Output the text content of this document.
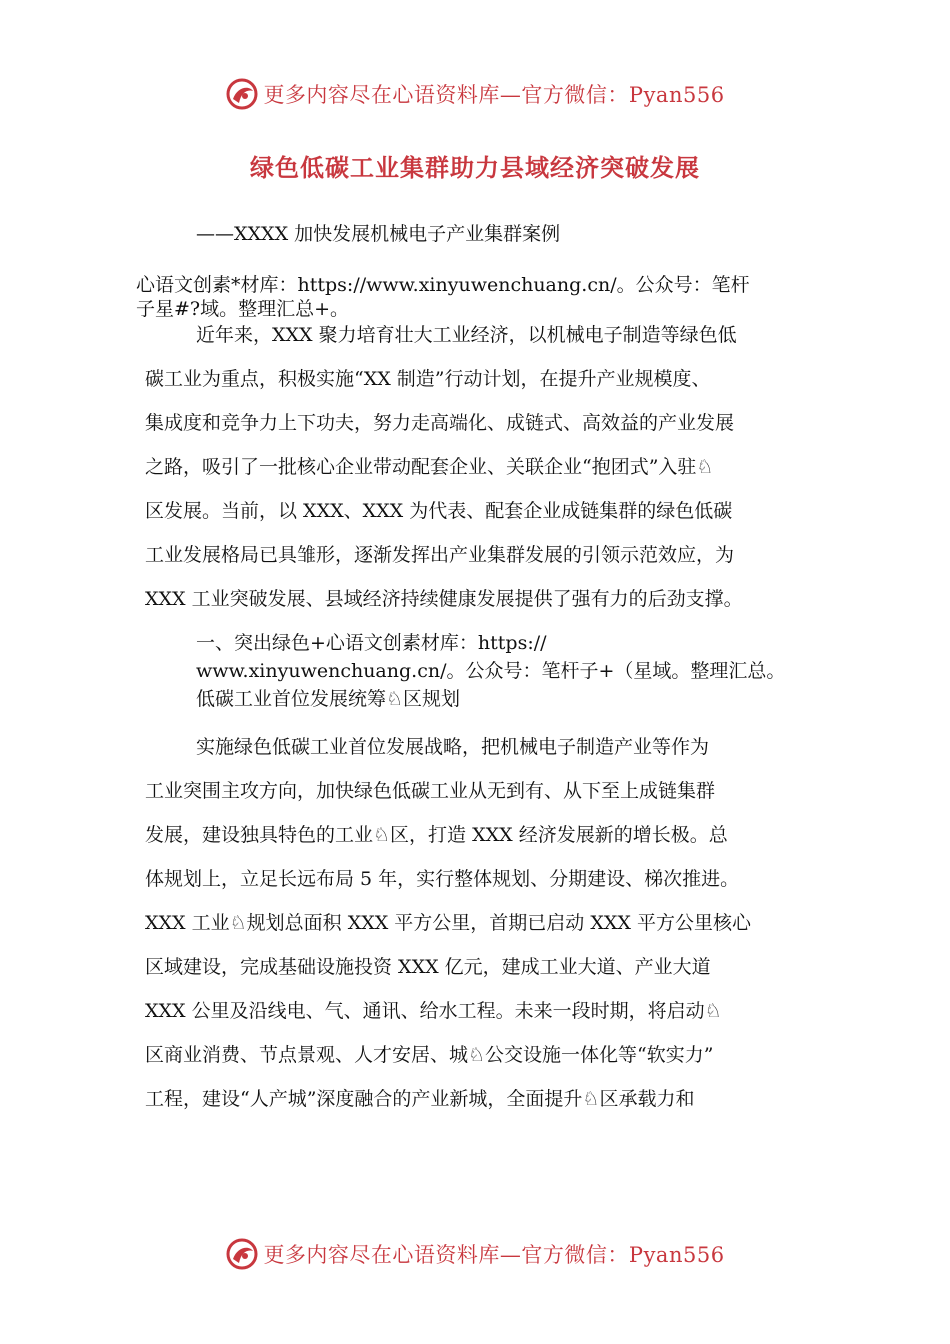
更多内容尽在心语资料库—官方微信：Pyan556
绿色低碳工业集群助力县域经济突破发展
——XXXX 加快发展机械电子产业集群案例
心语文创素*材库：https://www.xinyuwenchuang.cn/。公众号：笔杆
子星#?域。整理汇总+。
近年来，XXX 聚力培育壮大工业经济，以机械电子制造等绿色低
碳工业为重点，积极实施“XX 制造”行动计划，在提升产业规模度、
集成度和竞争力上下功夫，努力走高端化、成链式、高效益的产业发展
之路，吸引了一批核心企业带动配套企业、关联企业“抱团式”入驻♘
区发展。当前，以 XXX、XXX 为代表、配套企业成链集群的绿色低碳
工业发展格局已具雏形，逐渐发挥出产业集群发展的引领示范效应，为
XXX 工业突破发展、县域经济持续健康发展提供了强有力的后劲支撑。
一、突出绿色+心语文创素材库：https://
www.xinyuwenchuang.cn/。公众号：笔杆子+（星域。整理汇总。
低碳工业首位发展统筹♘区规划
实施绿色低碳工业首位发展战略，把机械电子制造产业等作为
工业突围主攻方向，加快绿色低碳工业从无到有、从下至上成链集群
发展，建设独具特色的工业♘区，打造 XXX 经济发展新的增长极。总
体规划上，立足长远布局 5 年，实行整体规划、分期建设、梯次推进。
XXX 工业♘规划总面积 XXX 平方公里，首期已启动 XXX 平方公里核心
区域建设，完成基础设施投资 XXX 亿元，建成工业大道、产业大道
XXX 公里及沿线电、气、通讯、给水工程。未来一段时期，将启动♘
区商业消费、节点景观、人才安居、城♘公交设施一体化等“软实力”
工程，建设“人产城”深度融合的产业新城，全面提升♘区承载力和
更多内容尽在心语资料库—官方微信：Pyan556
